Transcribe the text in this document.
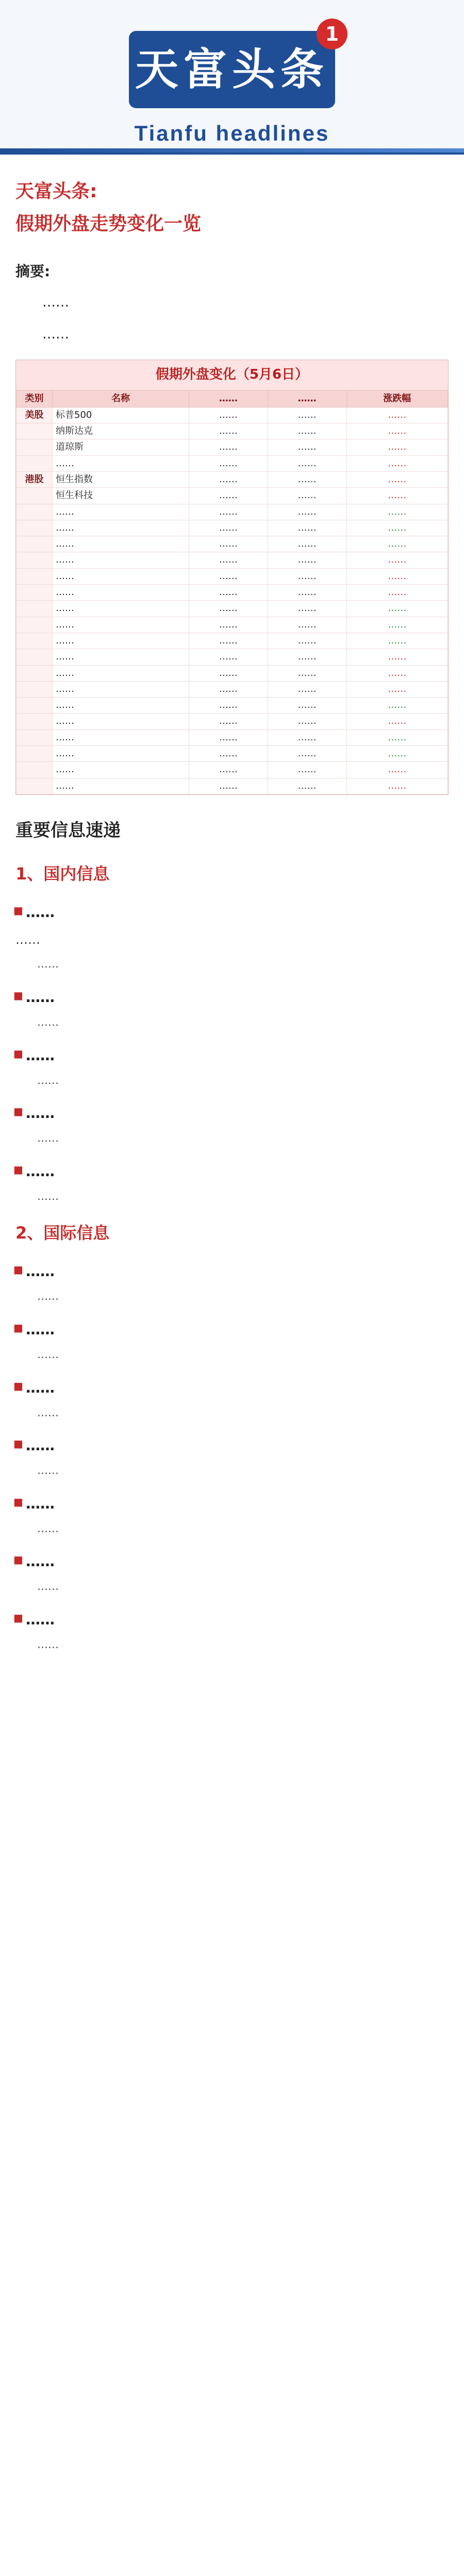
天富头条
1
Tianfu headlines
天富头条:
假期外盘走势变化一览
摘要:

……

……

假期外盘变化（5月6日）
类别	名称	……	……	涨跌幅
美股	标普500	……	……	……
	纳斯达克	……	……	……
	道琼斯	……	……	……
	……	……	……	……
港股	恒生指数	……	……	……
	恒生科技	……	……	……
	……	……	……	……
	……	……	……	……
	……	……	……	……
	……	……	……	……
	……	……	……	……
	……	……	……	……
	……	……	……	……
	……	……	……	……
	……	……	……	……
	……	……	……	……
	……	……	……	……
	……	……	……	……
	……	……	……	……
	……	……	……	……
	……	……	……	……
	……	……	……	……
	……	……	……	……
	……	……	……	……
重要信息速递
1、国内信息
■ ……
……
……
■ ……
……
■ ……
……
■ ……
……
■ ……
……
2、国际信息
■ ……
……
■ ……
……
■ ……
……
■ ……
……
■ ……
……
■ ……
……
■ ……
……
